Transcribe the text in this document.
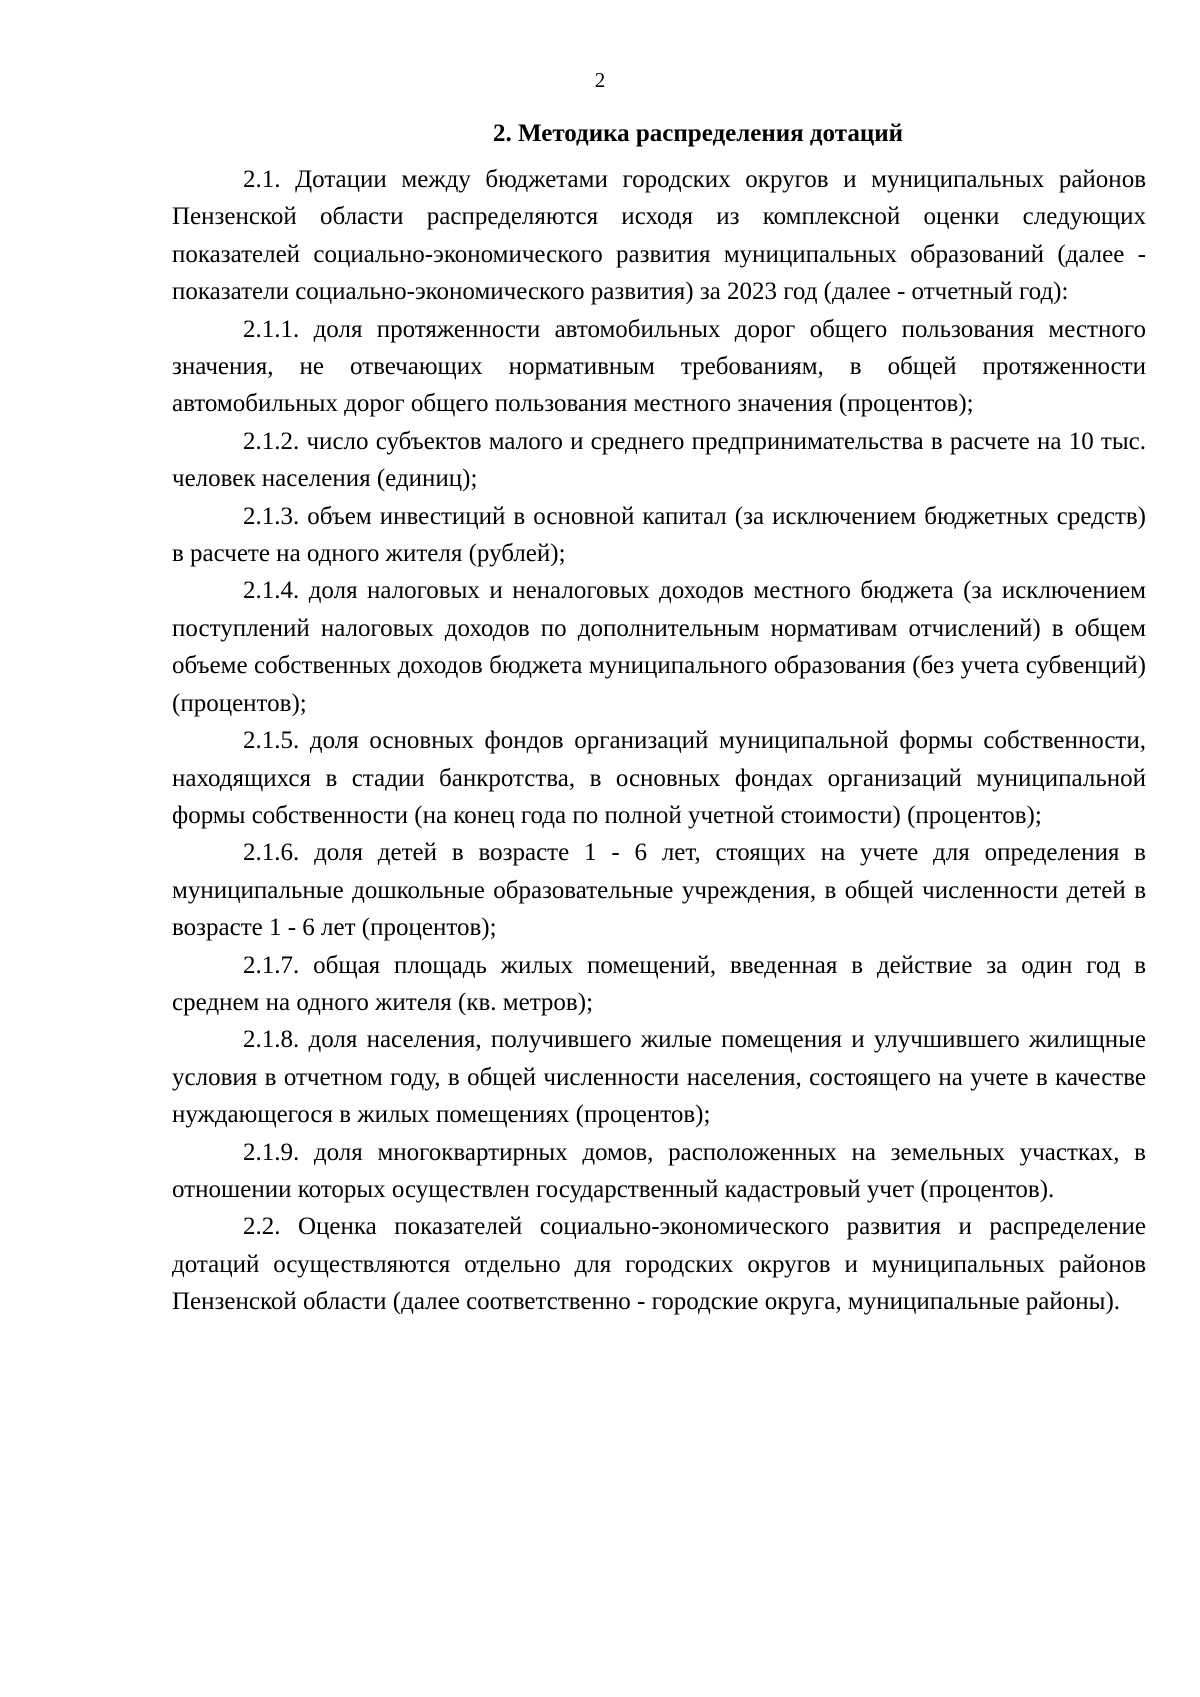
2
2. Методика распределения дотаций

2.1. Дотации между бюджетами городских округов и муниципальных районов Пензенской области распределяются исходя из комплексной оценки следующих показателей социально-экономического развития муниципальных образований (далее - показатели социально-экономического развития) за 2023 год (далее - отчетный год):

2.1.1. доля протяженности автомобильных дорог общего пользования местного значения, не отвечающих нормативным требованиям, в общей протяженности автомобильных дорог общего пользования местного значения (процентов);

2.1.2. число субъектов малого и среднего предпринимательства в расчете на 10 тыс. человек населения (единиц);

2.1.3. объем инвестиций в основной капитал (за исключением бюджетных средств) в расчете на одного жителя (рублей);

2.1.4. доля налоговых и неналоговых доходов местного бюджета (за исключением поступлений налоговых доходов по дополнительным нормативам отчислений) в общем объеме собственных доходов бюджета муниципального образования (без учета субвенций) (процентов);

2.1.5. доля основных фондов организаций муниципальной формы собственности, находящихся в стадии банкротства, в основных фондах организаций муниципальной формы собственности (на конец года по полной учетной стоимости) (процентов);

2.1.6. доля детей в возрасте 1 - 6 лет, стоящих на учете для определения в муниципальные дошкольные образовательные учреждения, в общей численности детей в возрасте 1 - 6 лет (процентов);

2.1.7. общая площадь жилых помещений, введенная в действие за один год в среднем на одного жителя (кв. метров);

2.1.8. доля населения, получившего жилые помещения и улучшившего жилищные условия в отчетном году, в общей численности населения, состоящего на учете в качестве нуждающегося в жилых помещениях (процентов);

2.1.9. доля многоквартирных домов, расположенных на земельных участках, в отношении которых осуществлен государственный кадастровый учет (процентов).

2.2. Оценка показателей социально-экономического развития и распределение дотаций осуществляются отдельно для городских округов и муниципальных районов Пензенской области (далее соответственно - городские округа, муниципальные районы).
